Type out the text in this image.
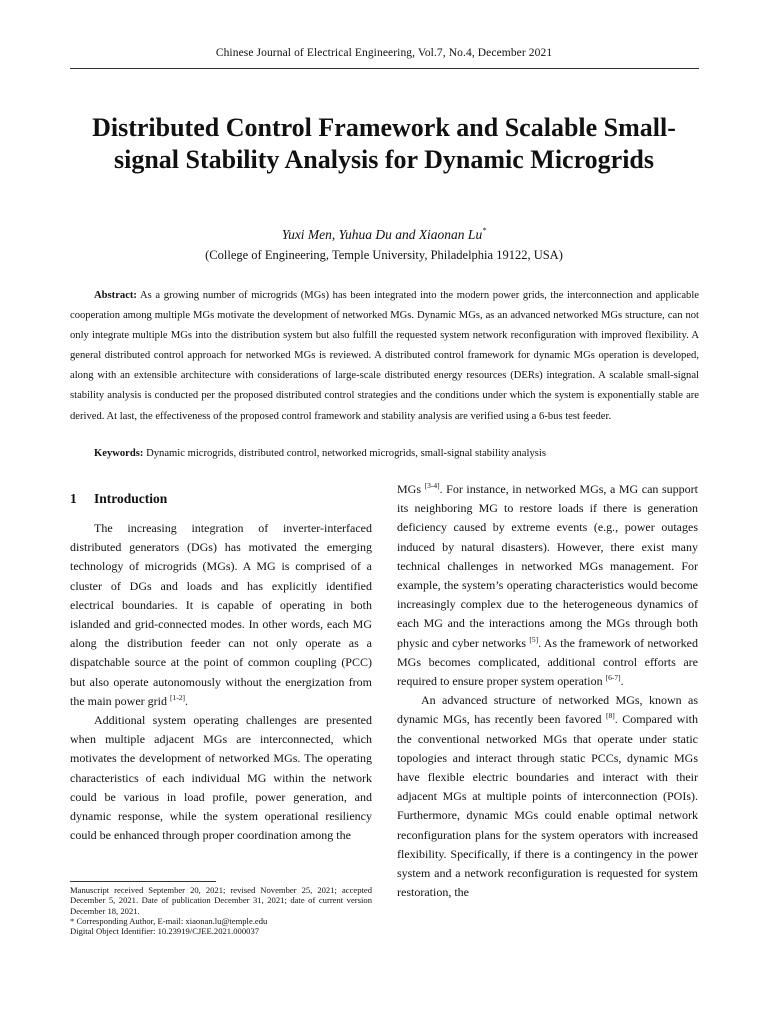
Chinese Journal of Electrical Engineering, Vol.7, No.4, December 2021
Distributed Control Framework and Scalable Small-signal Stability Analysis for Dynamic Microgrids
Yuxi Men, Yuhua Du and Xiaonan Lu*
(College of Engineering, Temple University, Philadelphia 19122, USA)
Abstract: As a growing number of microgrids (MGs) has been integrated into the modern power grids, the interconnection and applicable cooperation among multiple MGs motivate the development of networked MGs. Dynamic MGs, as an advanced networked MGs structure, can not only integrate multiple MGs into the distribution system but also fulfill the requested system network reconfiguration with improved flexibility. A general distributed control approach for networked MGs is reviewed. A distributed control framework for dynamic MGs operation is developed, along with an extensible architecture with considerations of large-scale distributed energy resources (DERs) integration. A scalable small-signal stability analysis is conducted per the proposed distributed control strategies and the conditions under which the system is exponentially stable are derived. At last, the effectiveness of the proposed control framework and stability analysis are verified using a 6-bus test feeder.
Keywords: Dynamic microgrids, distributed control, networked microgrids, small-signal stability analysis
1 Introduction

The increasing integration of inverter-interfaced distributed generators (DGs) has motivated the emerging technology of microgrids (MGs). A MG is comprised of a cluster of DGs and loads and has explicitly identified electrical boundaries. It is capable of operating in both islanded and grid-connected modes. In other words, each MG along the distribution feeder can not only operate as a dispatchable source at the point of common coupling (PCC) but also operate autonomously without the energization from the main power grid [1-2].

Additional system operating challenges are presented when multiple adjacent MGs are interconnected, which motivates the development of networked MGs. The operating characteristics of each individual MG within the network could be various in load profile, power generation, and dynamic response, while the system operational resiliency could be enhanced through proper coordination among the

MGs [3-4]. For instance, in networked MGs, a MG can support its neighboring MG to restore loads if there is generation deficiency caused by extreme events (e.g., power outages induced by natural disasters). However, there exist many technical challenges in networked MGs management. For example, the system’s operating characteristics would become increasingly complex due to the heterogeneous dynamics of each MG and the interactions among the MGs through both physic and cyber networks [5]. As the framework of networked MGs becomes complicated, additional control efforts are required to ensure proper system operation [6-7].

An advanced structure of networked MGs, known as dynamic MGs, has recently been favored [8]. Compared with the conventional networked MGs that operate under static topologies and interact through static PCCs, dynamic MGs have flexible electric boundaries and interact with their adjacent MGs at multiple points of interconnection (POIs). Furthermore, dynamic MGs could enable optimal network reconfiguration plans for the system operators with increased flexibility. Specifically, if there is a contingency in the power system and a network reconfiguration is requested for system restoration, the

Manuscript received September 20, 2021; revised November 25, 2021; accepted December 5, 2021. Date of publication December 31, 2021; date of current version December 18, 2021.
* Corresponding Author, E-mail: xiaonan.lu@temple.edu
Digital Object Identifier: 10.23919/CJEE.2021.000037
